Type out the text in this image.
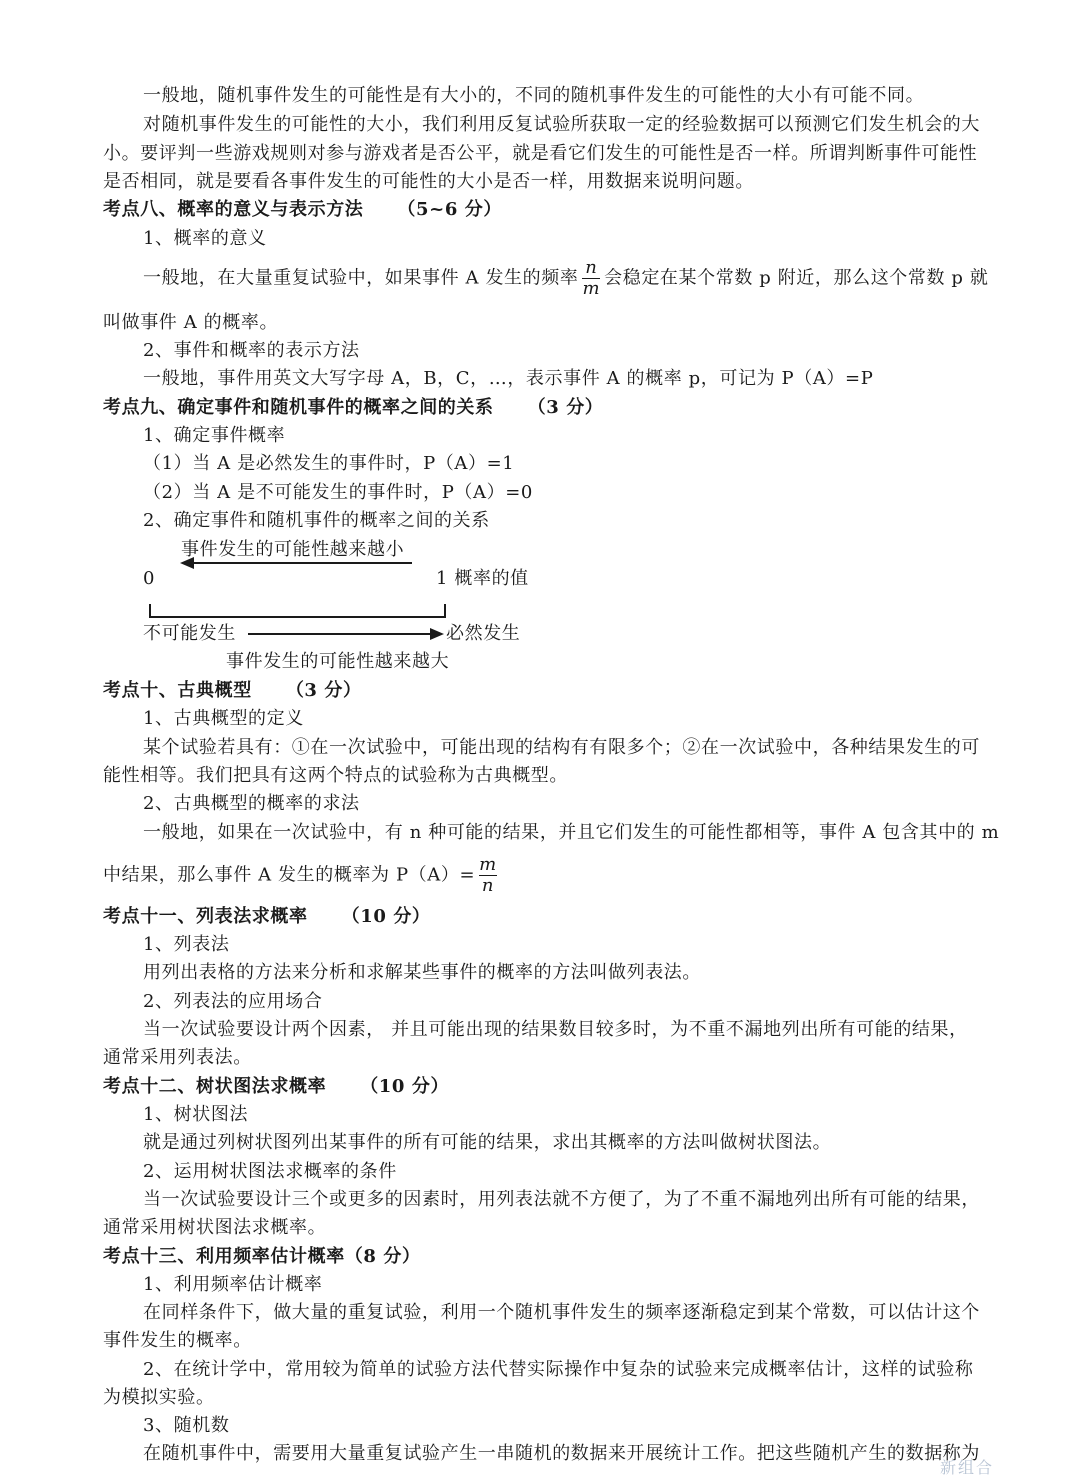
一般地，随机事件发生的可能性是有大小的，不同的随机事件发生的可能性的大小有可能不同。
对随机事件发生的可能性的大小，我们利用反复试验所获取一定的经验数据可以预测它们发生机会的大
小。要评判一些游戏规则对参与游戏者是否公平，就是看它们发生的可能性是否一样。所谓判断事件可能性
是否相同，就是要看各事件发生的可能性的大小是否一样，用数据来说明问题。
考点八、概率的意义与表示方法 （5~6 分）
1、概率的意义
一般地，在大量重复试验中，如果事件 A 发生的频率 $\frac{n}{m}$ 会稳定在某个常数 p 附近，那么这个常数 p 就
叫做事件 A 的概率。
2、事件和概率的表示方法
一般地，事件用英文大写字母 A，B，C，…，表示事件 A 的概率 p，可记为 P（A）=P
考点九、确定事件和随机事件的概率之间的关系 （3 分）
1、确定事件概率
（1）当 A 是必然发生的事件时，P（A）=1
（2）当 A 是不可能发生的事件时，P（A）=0
2、确定事件和随机事件的概率之间的关系
事件发生的可能性越来越小
0	1 概率的值
不可能发生	必然发生
事件发生的可能性越来越大
考点十、古典概型 （3 分）
1、古典概型的定义
某个试验若具有：①在一次试验中，可能出现的结构有有限多个；②在一次试验中，各种结果发生的可
能性相等。我们把具有这两个特点的试验称为古典概型。
2、古典概型的概率的求法
一般地，如果在一次试验中，有 n 种可能的结果，并且它们发生的可能性都相等，事件 A 包含其中的 m
中结果，那么事件 A 发生的概率为 $P(A)= \frac{m}{n}$
考点十一、列表法求概率 （10 分）
1、列表法
用列出表格的方法来分析和求解某些事件的概率的方法叫做列表法。
2、列表法的应用场合
当一次试验要设计两个因素， 并且可能出现的结果数目较多时，为不重不漏地列出所有可能的结果，
通常采用列表法。
考点十二、树状图法求概率 （10 分）
1、树状图法
就是通过列树状图列出某事件的所有可能的结果，求出其概率的方法叫做树状图法。
2、运用树状图法求概率的条件
当一次试验要设计三个或更多的因素时，用列表法就不方便了，为了不重不漏地列出所有可能的结果，
通常采用树状图法求概率。
考点十三、利用频率估计概率（8 分）
1、利用频率估计概率
在同样条件下，做大量的重复试验，利用一个随机事件发生的频率逐渐稳定到某个常数，可以估计这个
事件发生的概率。
2、在统计学中，常用较为简单的试验方法代替实际操作中复杂的试验来完成概率估计，这样的试验称
为模拟实验。
3、随机数
在随机事件中，需要用大量重复试验产生一串随机的数据来开展统计工作。把这些随机产生的数据称为
新组合
